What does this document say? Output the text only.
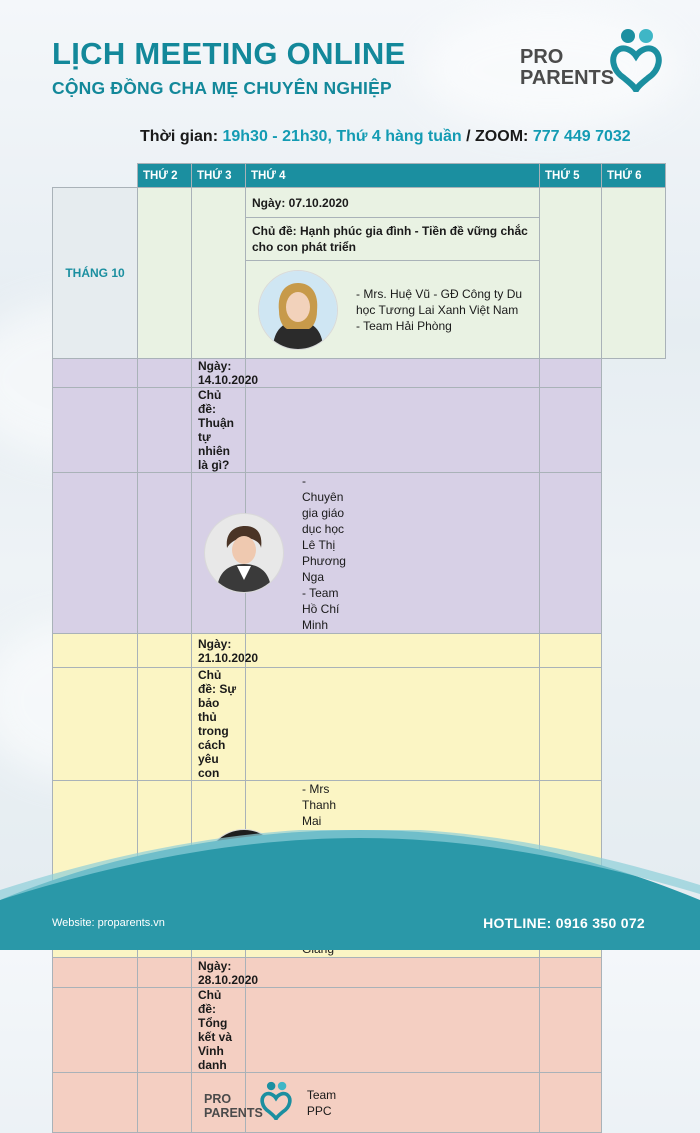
LỊCH MEETING ONLINE
CỘNG ĐỒNG CHA MẸ CHUYÊN NGHIỆP
PRO
PARENTS
Thời gian: 19h30 - 21h30, Thứ 4 hàng tuần / ZOOM: 777 449 7032
	THỨ 2	THỨ 3	THỨ 4	THỨ 5	THỨ 6
THÁNG 10			Ngày: 07.10.2020		
			Chủ đề: Hạnh phúc gia đình - Tiền đề vững chắc cho con phát triển		

			- Mrs. Huệ Vũ - GĐ Công ty Du học Tương Lai Xanh Việt Nam
- Team Hải Phòng		

		Ngày: 14.10.2020			
		Chủ đề: Thuận tự nhiên là gì?			

		- Chuyên gia giáo dục học
Lê Thị Phương Nga
- Team Hồ Chí Minh			

		Ngày: 21.10.2020			
		Chủ đề: Sự bảo thủ trong cách yêu con			

		- Mrs Thanh Mai			

		Ngày: 28.10.2020			
		Chủ đề: Tổng kết và Vinh danh			

		PRO
PARENTS
Team PPC			

Website: proparents.vn	HOTLINE: 0916 350 072
